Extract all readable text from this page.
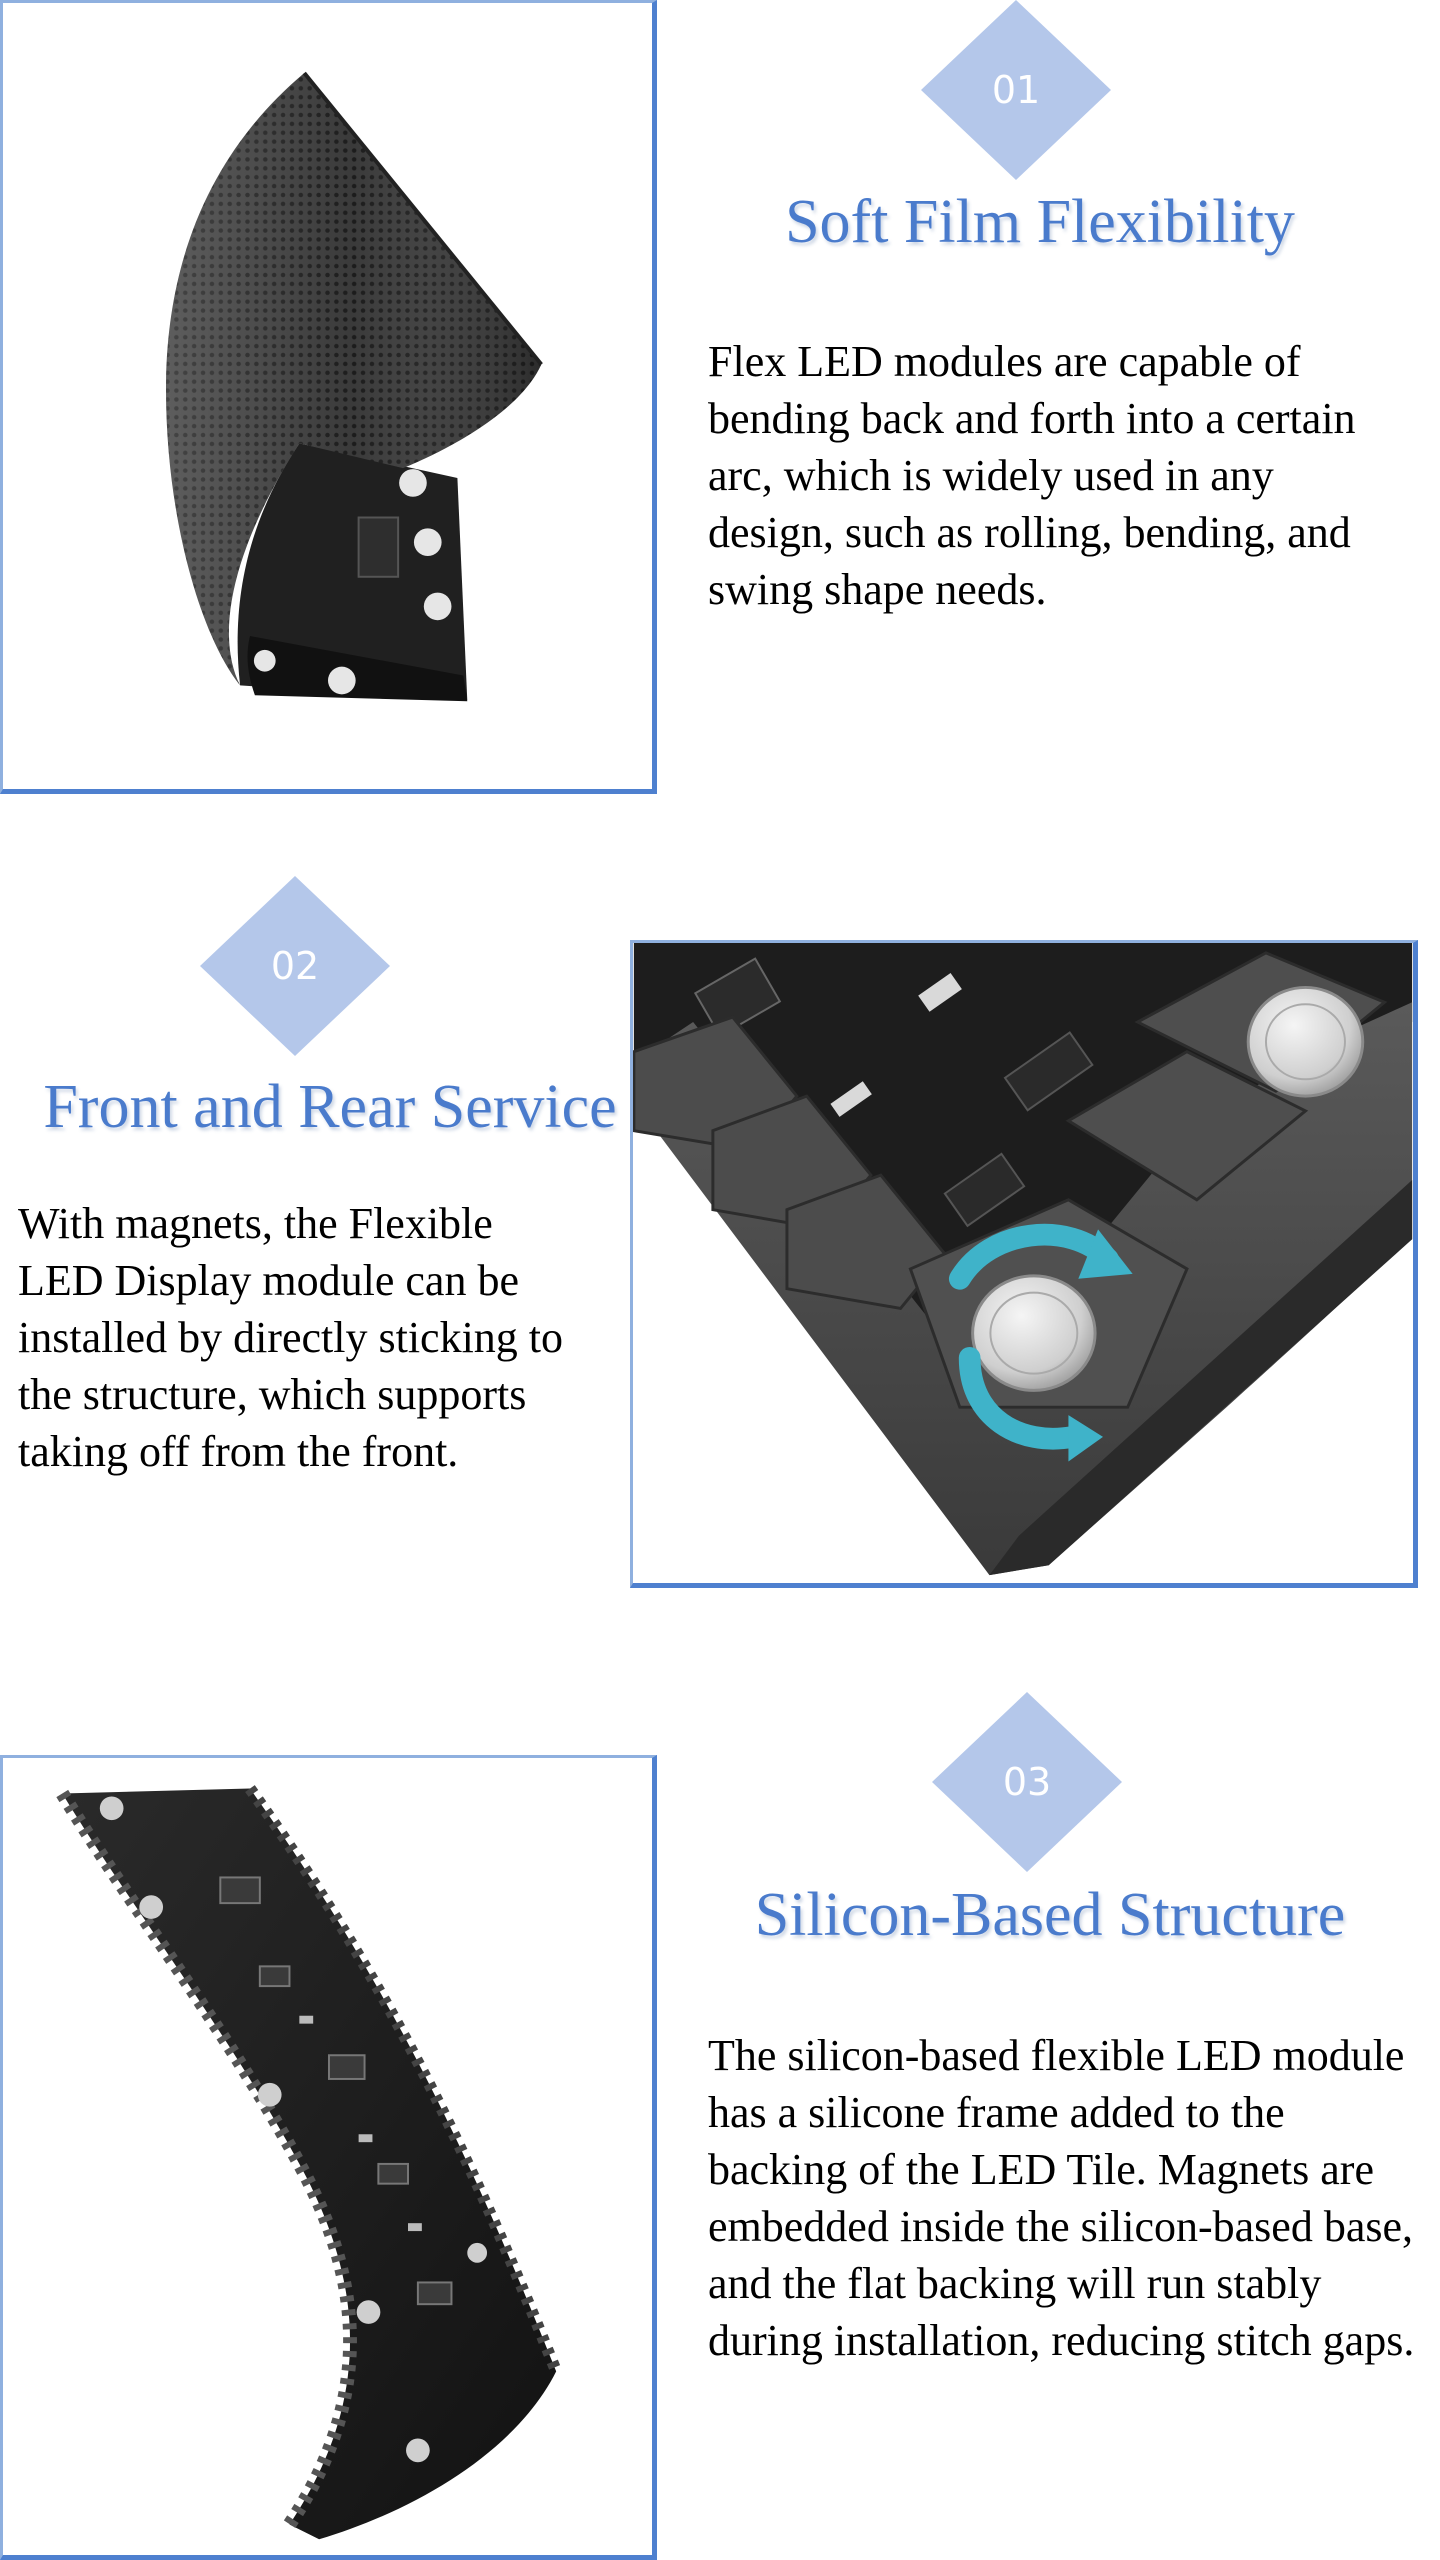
01
Soft Film Flexibility

Flex LED modules are capable of bending back and forth into a certain arc, which is widely used in any design, such as rolling, bending, and swing shape needs.

02
Front and Rear Service

With magnets, the Flexible LED Display module can be installed by directly sticking to the structure, which supports taking off from the front.

03
Silicon-Based Structure

The silicon-based flexible LED module has a silicone frame added to the backing of the LED Tile. Magnets are embedded inside the silicon-based base, and the flat backing will run stably during installation, reducing stitch gaps.
